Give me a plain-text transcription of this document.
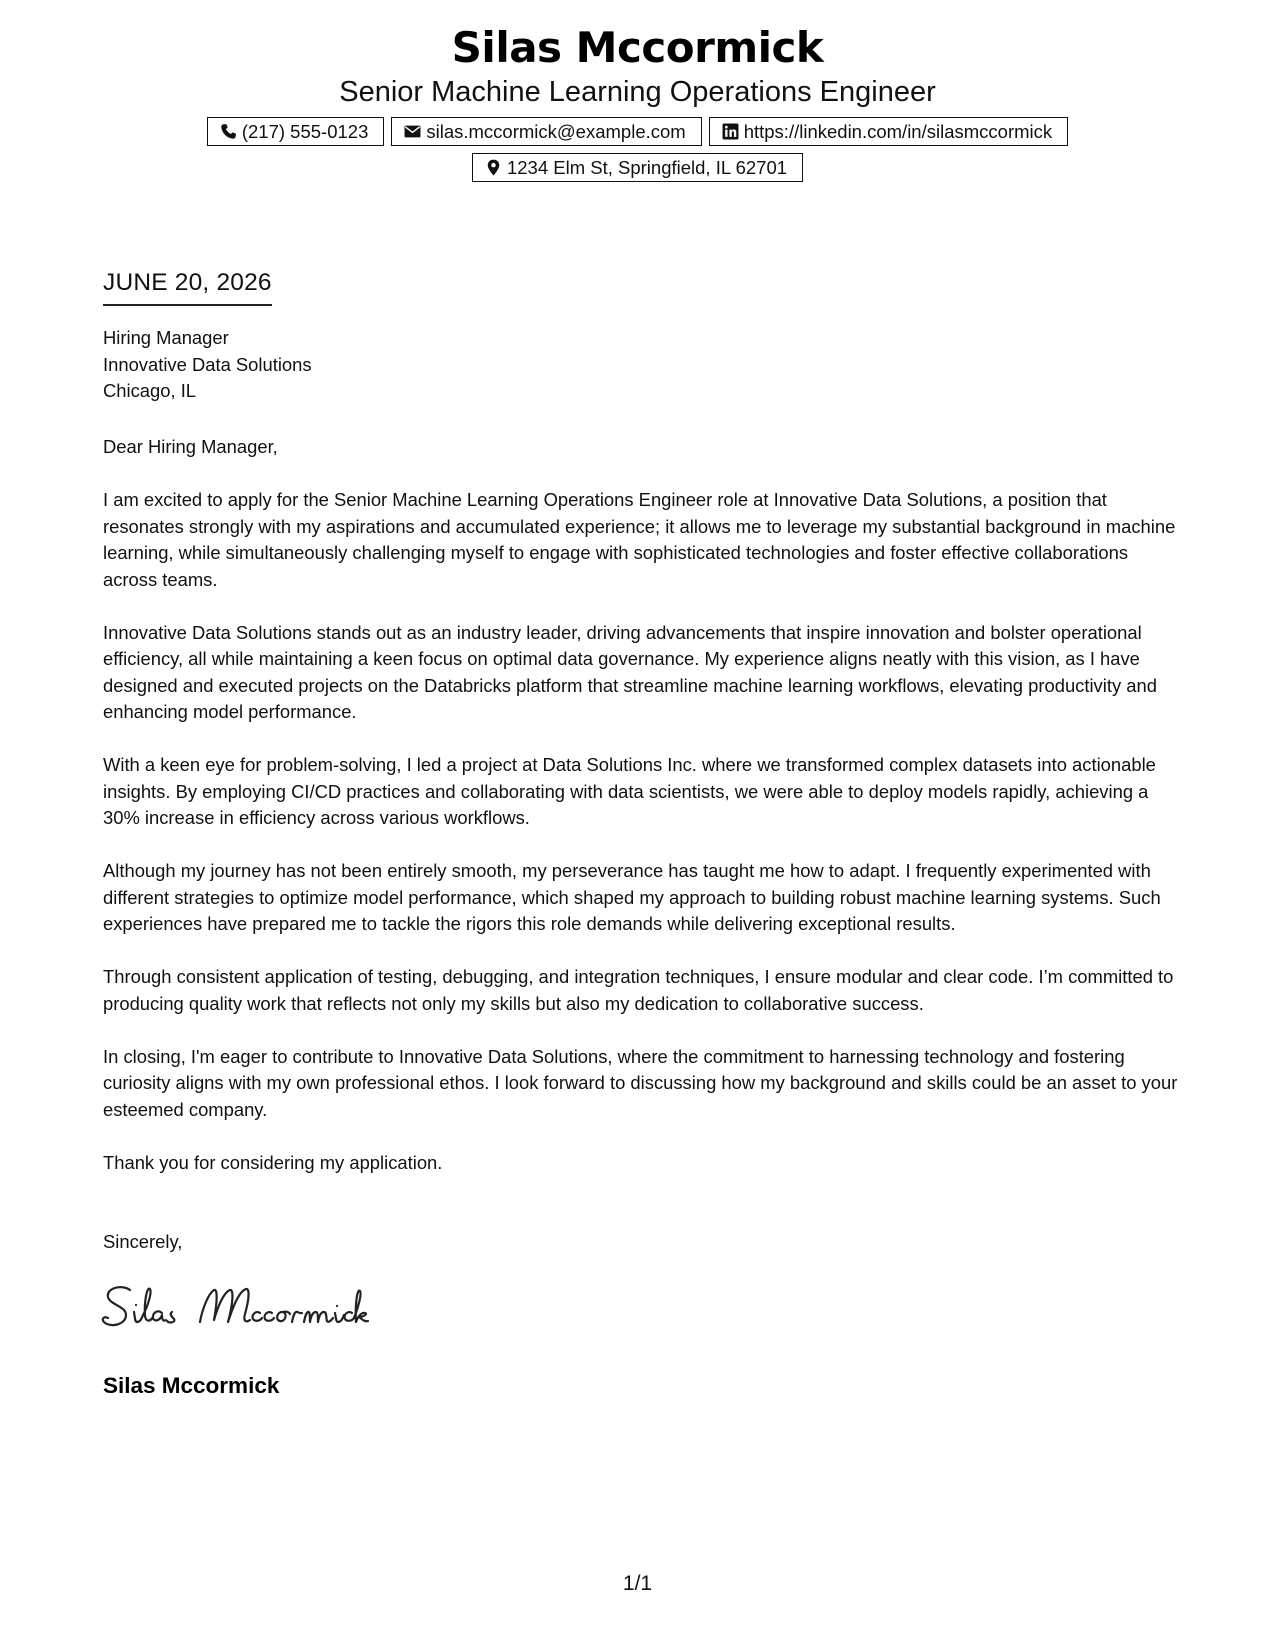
Silas Mccormick
Senior Machine Learning Operations Engineer
(217) 555-0123	silas.mccormick@example.com	https://linkedin.com/in/silasmccormick
1234 Elm St, Springfield, IL 62701
JUNE 20, 2026
Hiring Manager
Innovative Data Solutions
Chicago, IL
Dear Hiring Manager,

I am excited to apply for the Senior Machine Learning Operations Engineer role at Innovative Data Solutions, a position that resonates strongly with my aspirations and accumulated experience; it allows me to leverage my substantial background in machine learning, while simultaneously challenging myself to engage with sophisticated technologies and foster effective collaborations across teams.

Innovative Data Solutions stands out as an industry leader, driving advancements that inspire innovation and bolster operational efficiency, all while maintaining a keen focus on optimal data governance. My experience aligns neatly with this vision, as I have designed and executed projects on the Databricks platform that streamline machine learning workflows, elevating productivity and enhancing model performance.

With a keen eye for problem-solving, I led a project at Data Solutions Inc. where we transformed complex datasets into actionable insights. By employing CI/CD practices and collaborating with data scientists, we were able to deploy models rapidly, achieving a 30% increase in efficiency across various workflows.

Although my journey has not been entirely smooth, my perseverance has taught me how to adapt. I frequently experimented with different strategies to optimize model performance, which shaped my approach to building robust machine learning systems. Such experiences have prepared me to tackle the rigors this role demands while delivering exceptional results.

Through consistent application of testing, debugging, and integration techniques, I ensure modular and clear code. I’m committed to producing quality work that reflects not only my skills but also my dedication to collaborative success.

In closing, I'm eager to contribute to Innovative Data Solutions, where the commitment to harnessing technology and fostering curiosity aligns with my own professional ethos. I look forward to discussing how my background and skills could be an asset to your esteemed company.

Thank you for considering my application.

Sincerely,
Silas Mccormick
1/1
